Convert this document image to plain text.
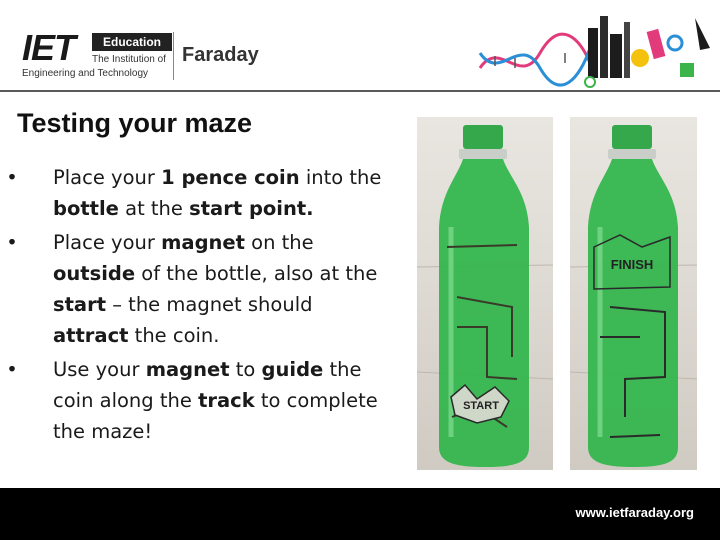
IET	Education
The Institution of
Engineering and Technology
Faraday
Testing your maze
• Place your 1 pence coin into the bottle at the start point.
• Place your magnet on the outside of the bottle, also at the start – the magnet should attract the coin.
• Use your magnet to guide the coin along the track to complete the maze!
START
FINISH
www.ietfaraday.org
